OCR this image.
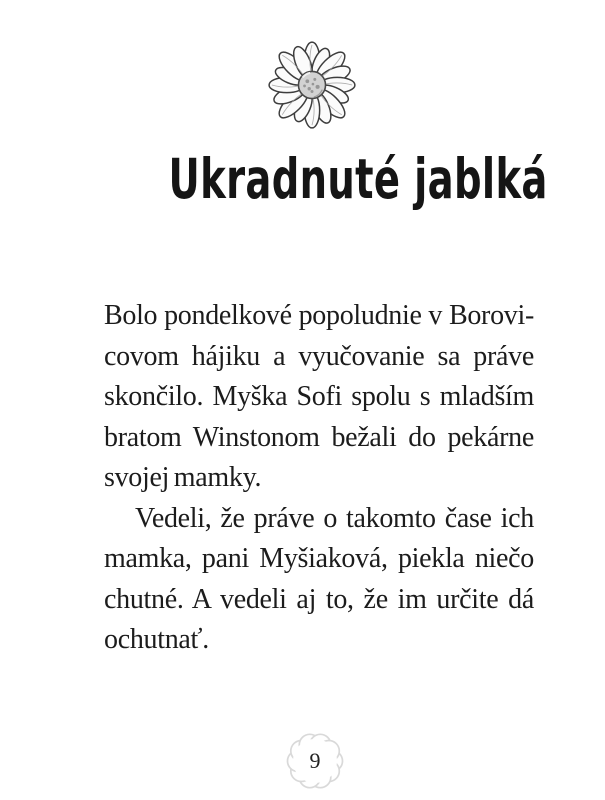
Ukradnuté jablká

Bolo pondelkové popoludnie v Borovi-

covom hájiku a vyučovanie sa práve

skončilo. Myška Sofi spolu s mladším

bratom Winstonom bežali do pekárne

svojej mamky.

Vedeli, že práve o takomto čase ich

mamka, pani Myšiaková, piekla niečo

chutné. A vedeli aj to, že im určite dá

ochutnať.

9
